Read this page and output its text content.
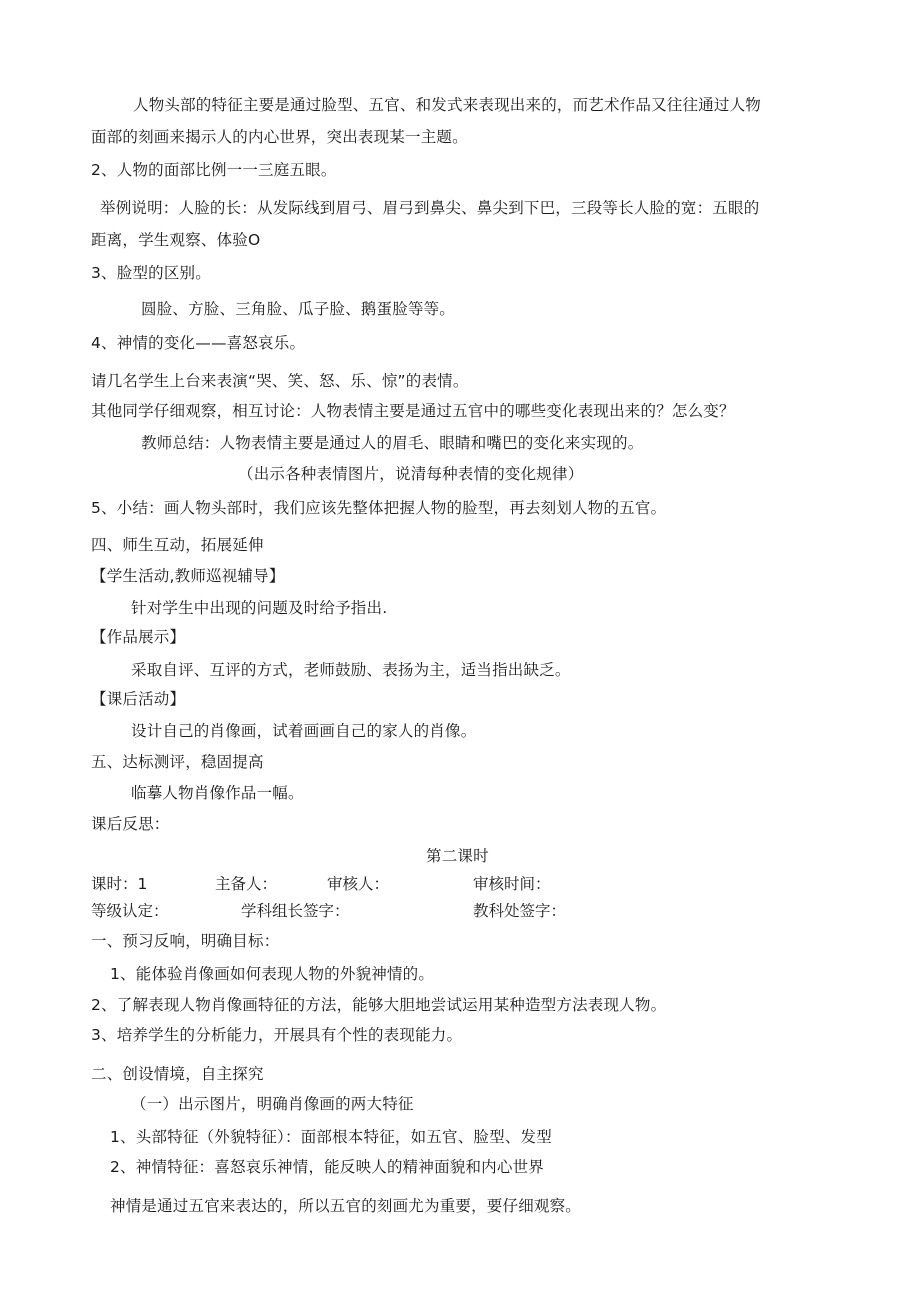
人物头部的特征主要是通过脸型、五官、和发式来表现出来的，而艺术作品又往往通过人物
面部的刻画来揭示人的内心世界，突出表现某一主题。
2、人物的面部比例一一三庭五眼。
举例说明：人脸的长：从发际线到眉弓、眉弓到鼻尖、鼻尖到下巴，三段等长人脸的宽：五眼的
距离，学生观察、体验O
3、脸型的区别。
圆脸、方脸、三角脸、瓜子脸、鹅蛋脸等等。
4、神情的变化——喜怒哀乐。
请几名学生上台来表演“哭、笑、怒、乐、惊”的表情。
其他同学仔细观察，相互讨论：人物表情主要是通过五官中的哪些变化表现出来的？怎么变？
教师总结：人物表情主要是通过人的眉毛、眼睛和嘴巴的变化来实现的。
（出示各种表情图片，说清每种表情的变化规律）
5、小结：画人物头部时，我们应该先整体把握人物的脸型，再去刻划人物的五官。
四、师生互动，拓展延伸
【学生活动,教师巡视辅导】
针对学生中出现的问题及时给予指出.
【作品展示】
采取自评、互评的方式，老师鼓励、表扬为主，适当指出缺乏。
【课后活动】
设计自己的肖像画，试着画画自己的家人的肖像。
五、达标测评，稳固提高
临摹人物肖像作品一幅。
课后反思：
第二课时
课时：1	主备人：	审核人：	审核时间：
等级认定：	学科组长签字：	教科处签字：
一、预习反响，明确目标：
1、能体验肖像画如何表现人物的外貌神情的。
2、了解表现人物肖像画特征的方法，能够大胆地尝试运用某种造型方法表现人物。
3、培养学生的分析能力，开展具有个性的表现能力。
二、创设情境，自主探究
（一）出示图片，明确肖像画的两大特征
1、头部特征（外貌特征）：面部根本特征，如五官、脸型、发型
2、神情特征：喜怒哀乐神情，能反映人的精神面貌和内心世界
神情是通过五官来表达的，所以五官的刻画尤为重要，要仔细观察。
